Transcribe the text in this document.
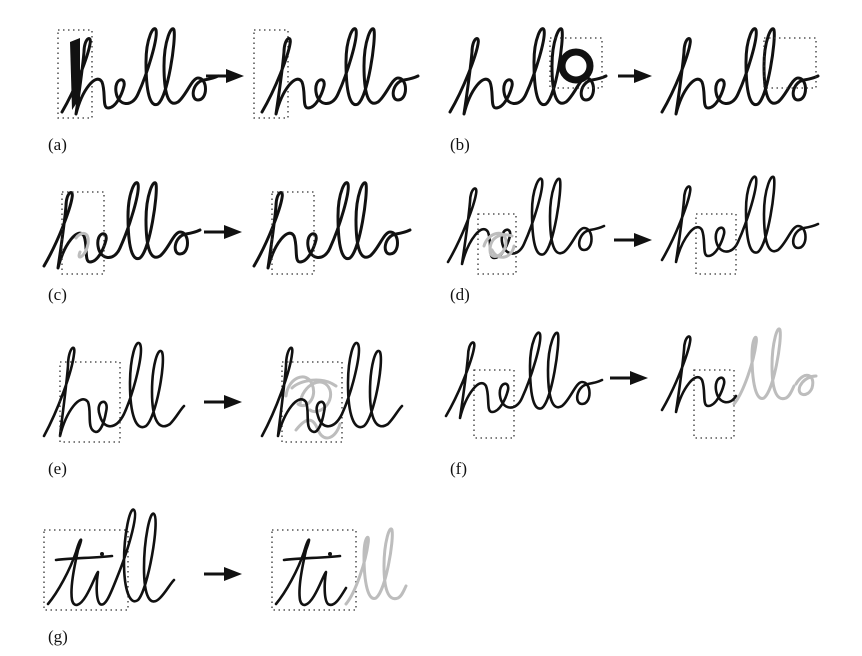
(a)	(b)
(c)	(d)
(e)	(f)
(g)
